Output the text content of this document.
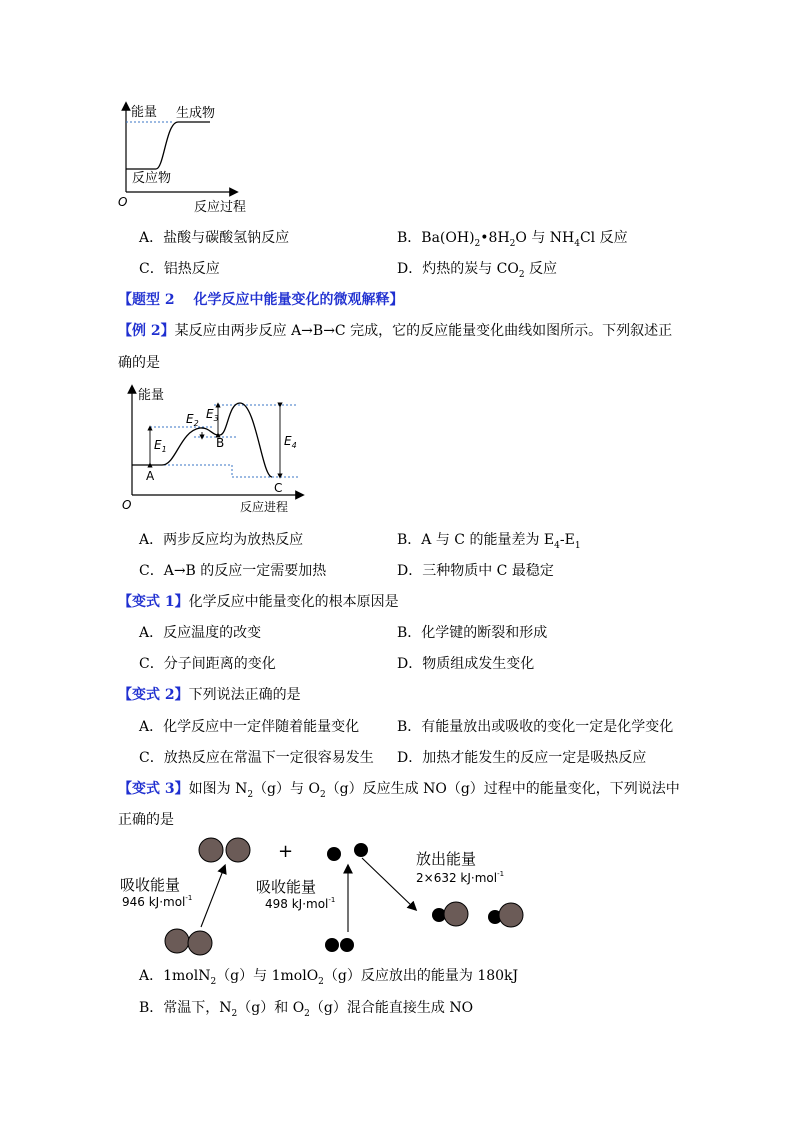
能量 生成物
反应物
O	反应过程
A．盐酸与碳酸氢钠反应	B．$Ba(OH)_2•8H_2O$ 与 $NH_4Cl$ 反应
C．铝热反应	D．灼热的炭与 $CO_2$ 反应
【题型 2　 化学反应中能量变化的微观解释】
【例 2】某反应由两步反应 A→B→C 完成，它的反应能量变化曲线如图所示。下列叙述正
确的是
能量
$E_1$
$E_2$
$E_3$
$E_4$
A
B
C
O	反应进程
A．两步反应均为放热反应	B．A 与 C 的能量差为 $E_4-E_1$
C．A→B 的反应一定需要加热	D．三种物质中 C 最稳定
【变式 1】化学反应中能量变化的根本原因是
A．反应温度的改变	B．化学键的断裂和形成
C．分子间距离的变化	D．物质组成发生变化
【变式 2】下列说法正确的是
A．化学反应中一定伴随着能量变化	B．有能量放出或吸收的变化一定是化学变化
C．放热反应在常温下一定很容易发生 D．加热才能发生的反应一定是吸热反应
【变式 3】如图为 $N_2(g)$与 $O_2(g)$反应生成 NO（g）过程中的能量变化，下列说法中
正确的是
+
吸收能量
946 kJ·mol$^{-1}$
吸收能量
498 kJ·mol$^{-1}$
放出能量
2×632 kJ·mol$^{-1}$
A．1molN$_2$（g）与 1molO$_2$（g）反应放出的能量为 180kJ
B．常温下，$N_2(g)$和 $O_2(g)$混合能直接生成 NO
